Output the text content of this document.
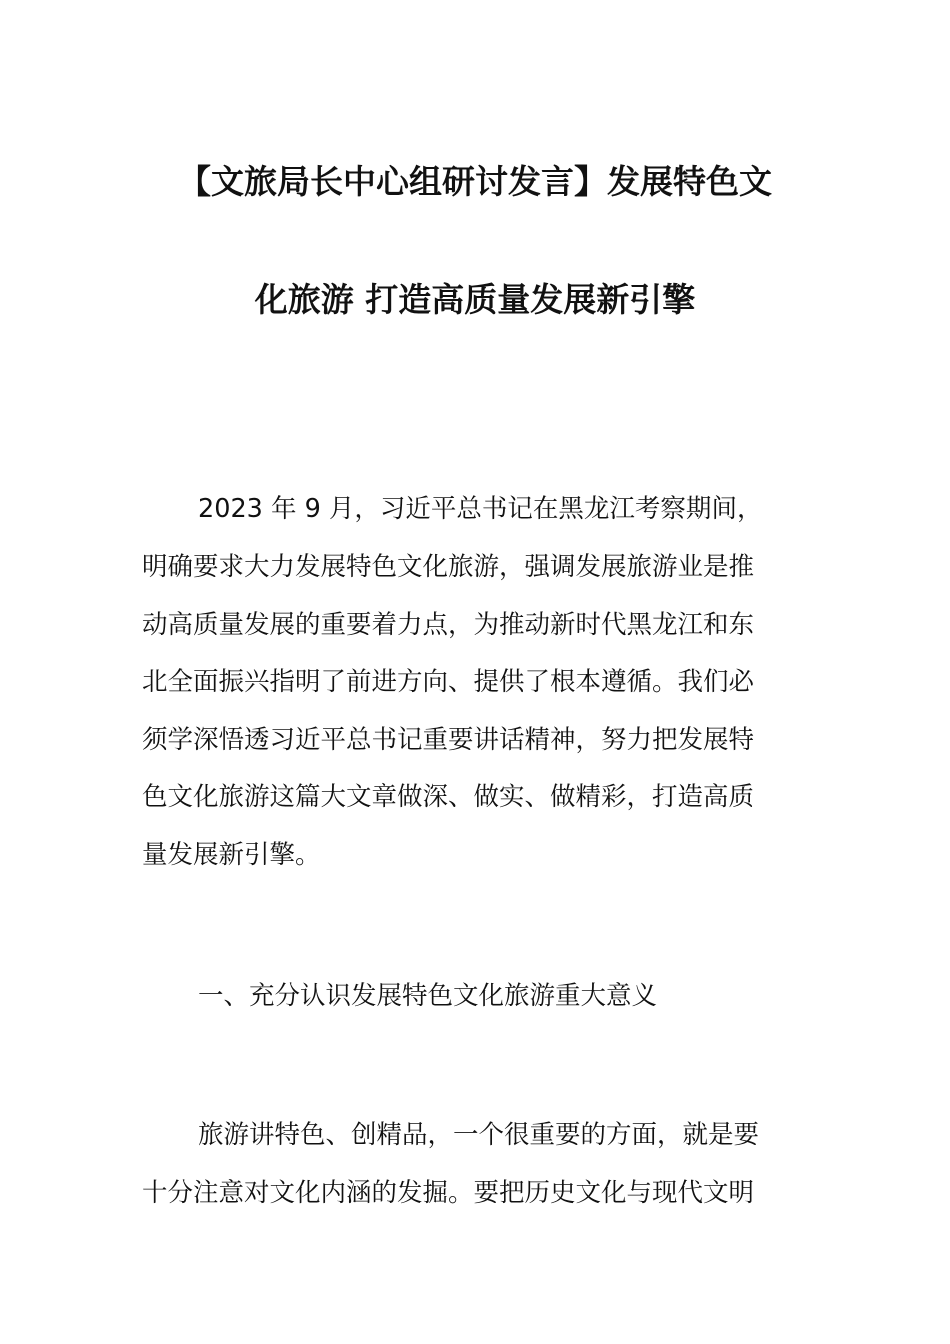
【文旅局长中心组研讨发言】发展特色文
化旅游 打造高质量发展新引擎
2023 年 9 月，习近平总书记在黑龙江考察期间，
明确要求大力发展特色文化旅游，强调发展旅游业是推
动高质量发展的重要着力点，为推动新时代黑龙江和东
北全面振兴指明了前进方向、提供了根本遵循。我们必
须学深悟透习近平总书记重要讲话精神，努力把发展特
色文化旅游这篇大文章做深、做实、做精彩，打造高质
量发展新引擎。
一、充分认识发展特色文化旅游重大意义
旅游讲特色、创精品，一个很重要的方面，就是要
十分注意对文化内涵的发掘。要把历史文化与现代文明
